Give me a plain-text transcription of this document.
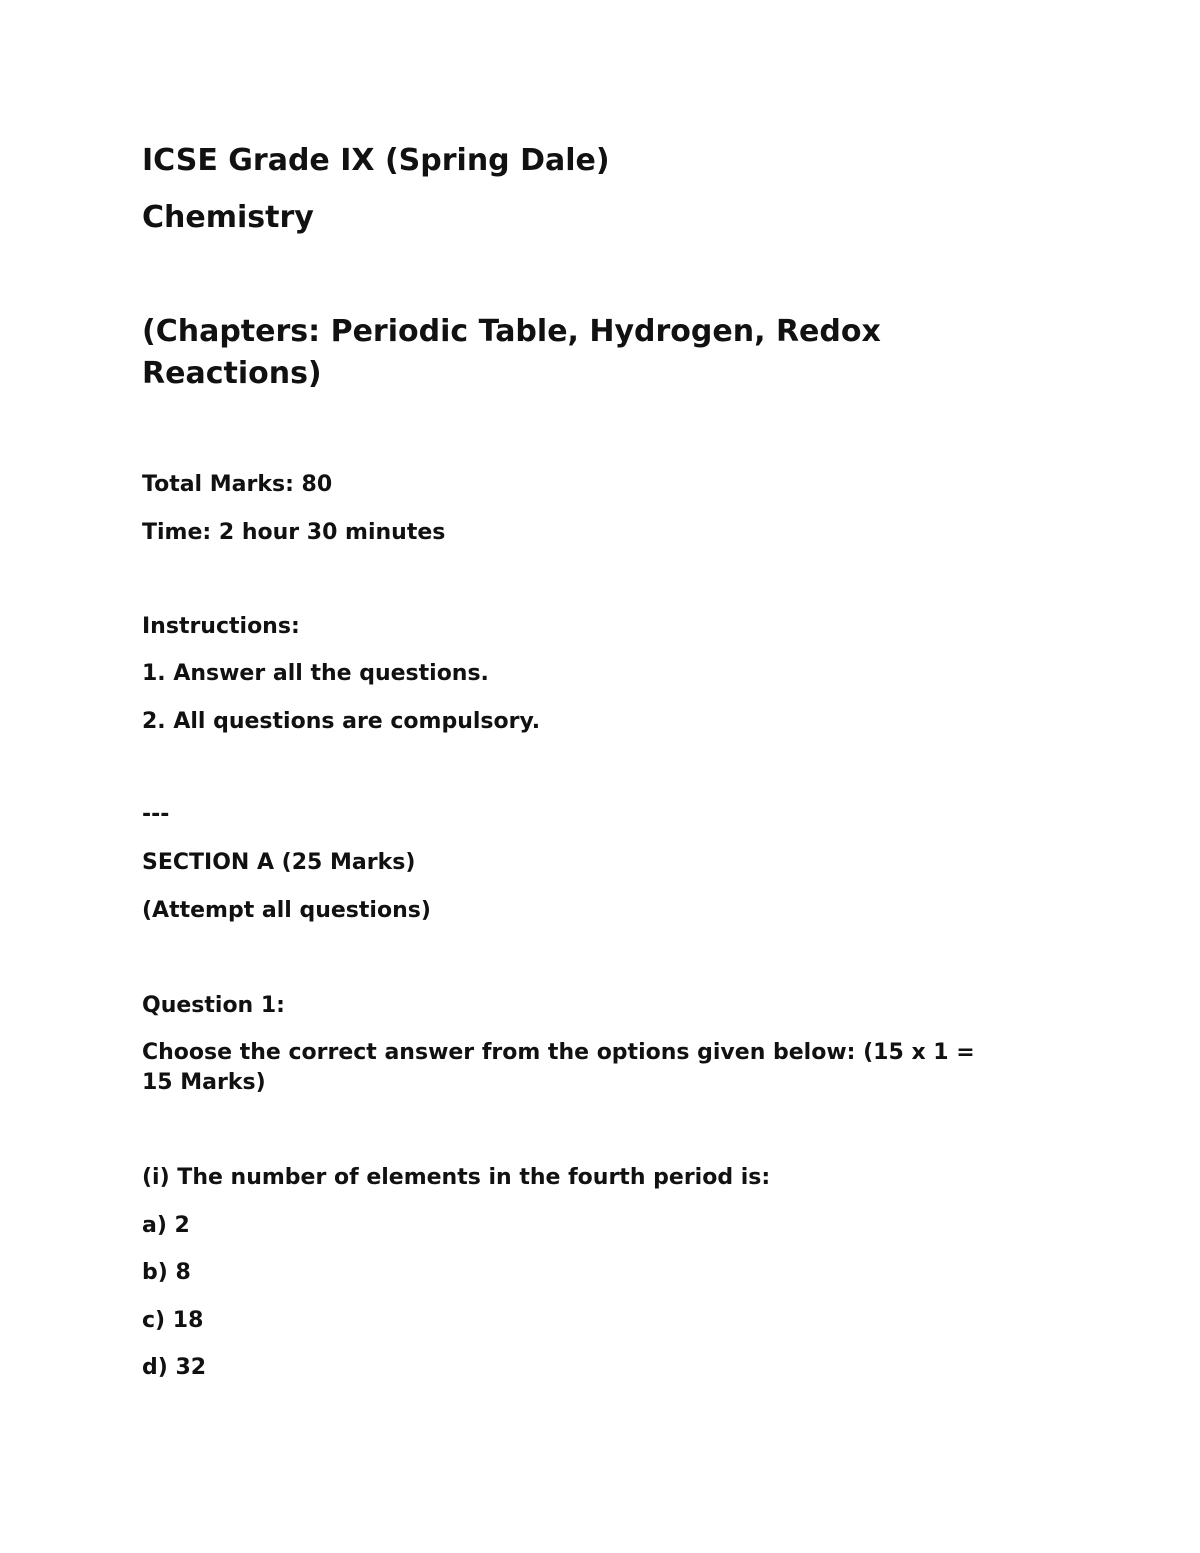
ICSE Grade IX (Spring Dale)

Chemistry

(Chapters: Periodic Table, Hydrogen, Redox

Reactions)

Total Marks: 80

Time: 2 hour 30 minutes

Instructions:

1. Answer all the questions.

2. All questions are compulsory.

---

SECTION A (25 Marks)

(Attempt all questions)

Question 1:

Choose the correct answer from the options given below: (15 x 1 =

15 Marks)

(i) The number of elements in the fourth period is:

a) 2

b) 8

c) 18

d) 32
